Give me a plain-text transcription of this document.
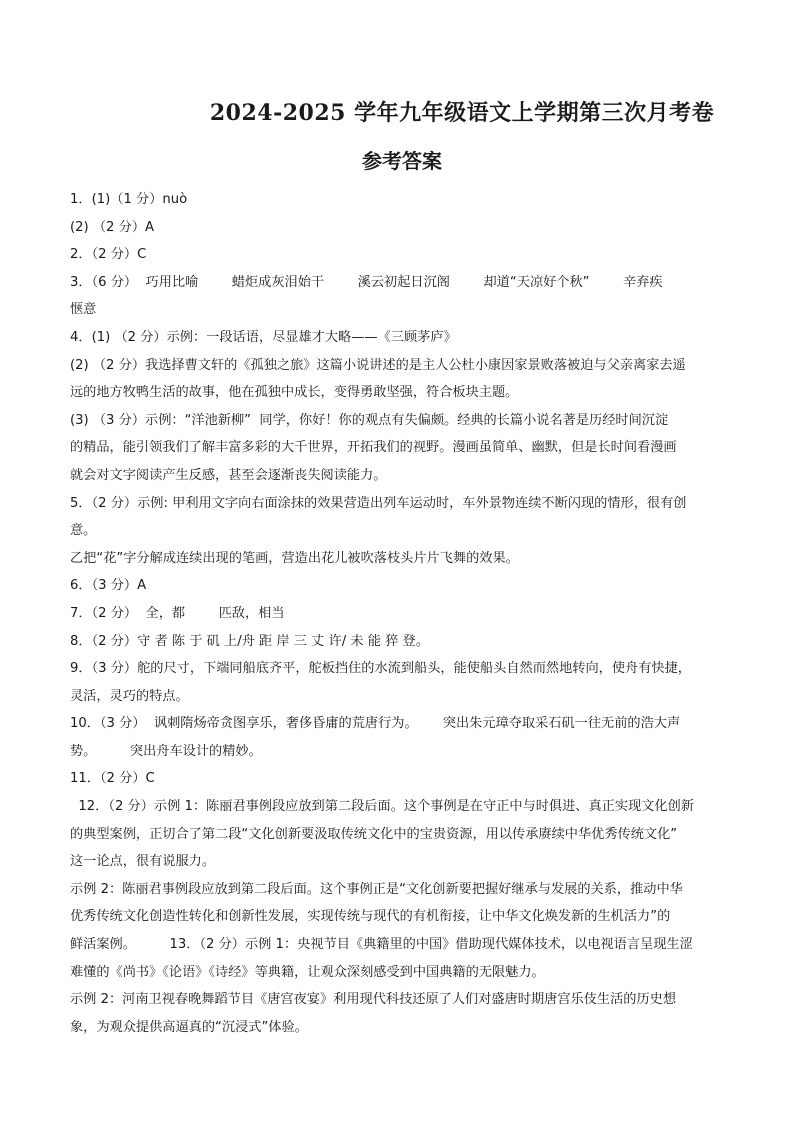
2024-2025 学年九年级语文上学期第三次月考卷
参考答案
1．(1)（1 分）nuò
(2) （2 分）A
2．（2 分）C
3．（6 分）  巧用比喻        蜡炬成灰泪始干        溪云初起日沉阁        却道“天凉好个秋”        辛弃疾
惬意
4．(1) （2 分）示例：一段话语，尽显雄才大略——《三顾茅庐》
(2) （2 分）我选择曹文轩的《孤独之旅》这篇小说讲述的是主人公杜小康因家景败落被迫与父亲离家去遥
远的地方牧鸭生活的故事，他在孤独中成长，变得勇敢坚强，符合板块主题。
(3) （3 分）示例：“洋池新柳”  同学，你好！你的观点有失偏颇。经典的长篇小说名著是历经时间沉淀
的精品，能引领我们了解丰富多彩的大千世界，开拓我们的视野。漫画虽简单、幽默，但是长时间看漫画
就会对文字阅读产生反感，甚至会逐渐丧失阅读能力。
5．（2 分）示例: 甲利用文字向右面涂抹的效果营造出列车运动时，车外景物连续不断闪现的情形，很有创
意。
乙把“花”字分解成连续出现的笔画，营造出花儿被吹落枝头片片飞舞的效果。
6．（3 分）A
7．（2 分）  全，都        匹敌，相当
8．（2 分）守 者 陈 于 矶 上/舟 距 岸 三 丈 许/ 未 能 猝 登。
9．（3 分）舵的尺寸，下端同船底齐平，舵板挡住的水流到船头，能使船头自然而然地转向，使舟有快捷，
灵活，灵巧的特点。
10．（3 分）  讽刺隋炀帝贪图享乐，奢侈昏庸的荒唐行为。      突出朱元璋夺取采石矶一往无前的浩大声
势。        突出舟车设计的精妙。
11．（2 分）C
12．（2 分）示例 1：陈丽君事例段应放到第二段后面。这个事例是在守正中与时俱进、真正实现文化创新
的典型案例，正切合了第二段“文化创新要汲取传统文化中的宝贵资源，用以传承赓续中华优秀传统文化”
这一论点，很有说服力。
示例 2：陈丽君事例段应放到第二段后面。这个事例正是“文化创新要把握好继承与发展的关系，推动中华
优秀传统文化创造性转化和创新性发展，实现传统与现代的有机衔接，让中华文化焕发新的生机活力”的
鲜活案例。        13．（2 分）示例 1：央视节目《典籍里的中国》借助现代媒体技术，以电视语言呈现生涩
难懂的《尚书》《论语》《诗经》等典籍，让观众深刻感受到中国典籍的无限魅力。
示例 2：河南卫视春晚舞蹈节目《唐宫夜宴》利用现代科技还原了人们对盛唐时期唐宫乐伎生活的历史想
象，为观众提供高逼真的“沉浸式”体验。
